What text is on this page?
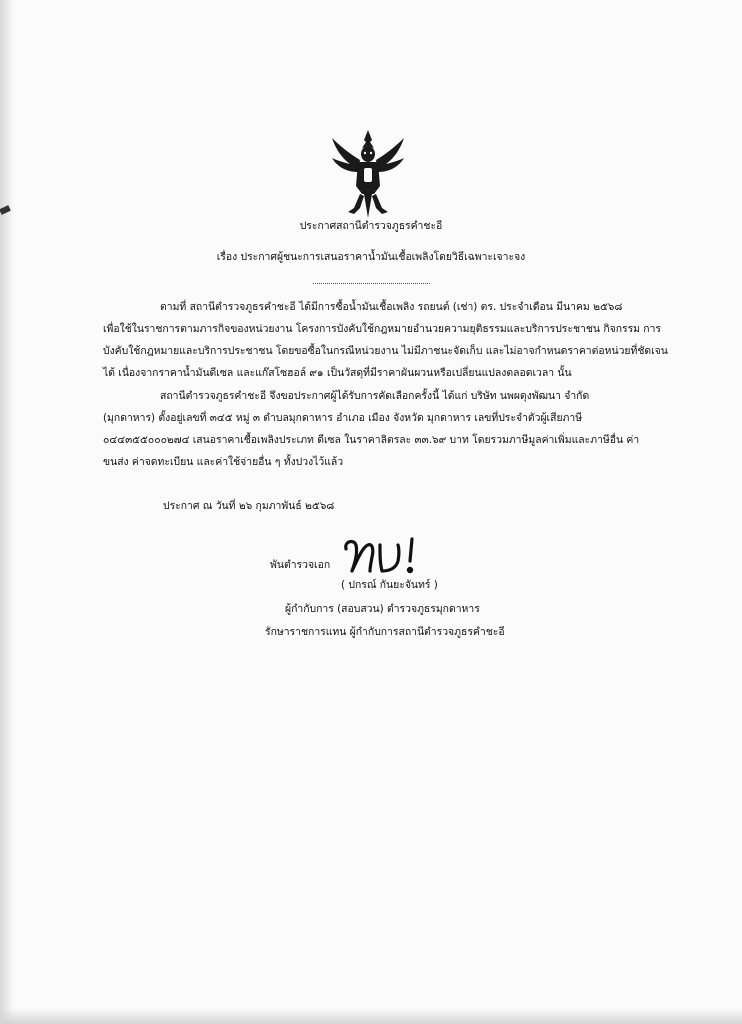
ประกาศสถานีตำรวจภูธรคำชะอี
เรื่อง ประกาศผู้ชนะการเสนอราคาน้ำมันเชื้อเพลิงโดยวิธีเฉพาะเจาะจง
ตามที่ สถานีตำรวจภูธรคำชะอี ได้มีการซื้อน้ำมันเชื้อเพลิง รถยนต์ (เช่า) ตร. ประจำเดือน มีนาคม ๒๕๖๘
เพื่อใช้ในราชการตามภารกิจของหน่วยงาน โครงการบังคับใช้กฎหมายอำนวยความยุติธรรมและบริการประชาชน กิจกรรม การ
บังคับใช้กฎหมายและบริการประชาชน โดยขอซื้อในกรณีหน่วยงาน ไม่มีภาชนะจัดเก็บ และไม่อาจกำหนดราคาต่อหน่วยที่ชัดเจน
ได้ เนื่องจากราคาน้ำมันดีเซล และแก๊สโซฮอล์ ๙๑ เป็นวัสดุที่มีราคาผันผวนหรือเปลี่ยนแปลงตลอดเวลา นั้น
สถานีตำรวจภูธรคำชะอี จึงขอประกาศผู้ได้รับการคัดเลือกครั้งนี้ ได้แก่ บริษัท นพผดุงพัฒนา จำกัด
(มุกดาหาร) ตั้งอยู่เลขที่ ๓๔๕ หมู่ ๓ ตำบลมุกดาหาร อำเภอ เมือง จังหวัด มุกดาหาร เลขที่ประจำตัวผู้เสียภาษี
๐๔๔๓๕๕๐๐๐๒๗๔ เสนอราคาเชื้อเพลิงประเภท ดีเซล ในราคาลิตรละ ๓๓.๖๙ บาท โดยรวมภาษีมูลค่าเพิ่มและภาษีอื่น ค่า
ขนส่ง ค่าจดทะเบียน และค่าใช้จ่ายอื่น ๆ ทั้งปวงไว้แล้ว
ประกาศ ณ วันที่ ๒๖ กุมภาพันธ์ ๒๕๖๘
พันตำรวจเอก
( ปกรณ์ กันยะจันทร์ )
ผู้กำกับการ (สอบสวน) ตำรวจภูธรมุกดาหาร
รักษาราชการแทน ผู้กำกับการสถานีตำรวจภูธรคำชะอี
